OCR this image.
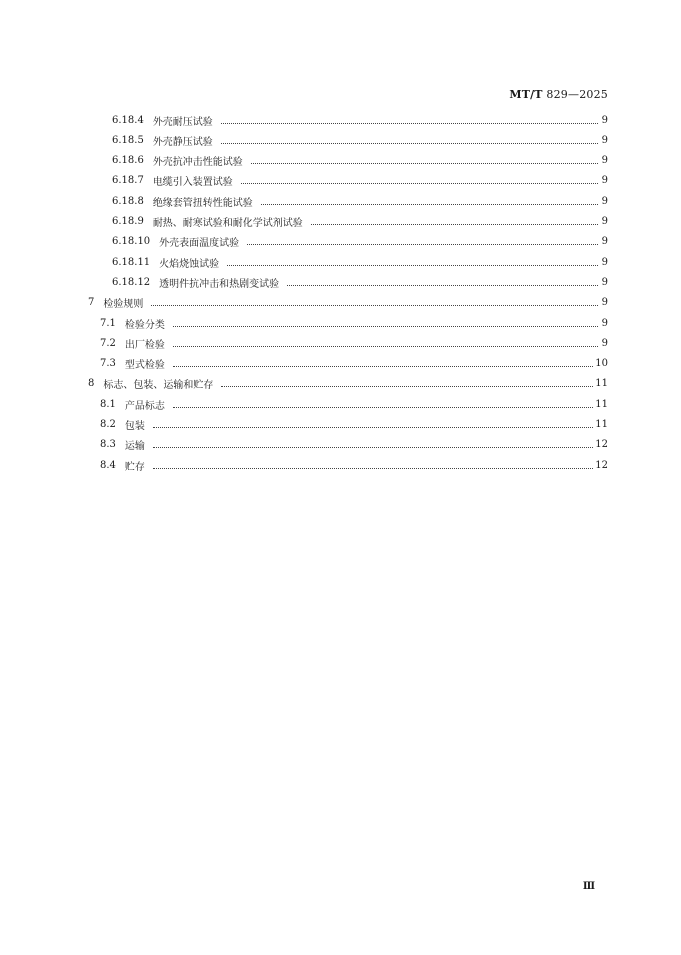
MT/T 829—2025
6.18.4 外壳耐压试验	9
6.18.5 外壳静压试验	9
6.18.6 外壳抗冲击性能试验	9
6.18.7 电缆引入装置试验	9
6.18.8 绝缘套管扭转性能试验	9
6.18.9 耐热、耐寒试验和耐化学试剂试验	9
6.18.10 外壳表面温度试验	9
6.18.11 火焰烧蚀试验	9
6.18.12 透明件抗冲击和热剧变试验	9
7 检验规则	9
7.1 检验分类	9
7.2 出厂检验	9
7.3 型式检验	10
8 标志、包装、运输和贮存	11
8.1 产品标志	11
8.2 包装	11
8.3 运输	12
8.4 贮存	12
Ⅲ
